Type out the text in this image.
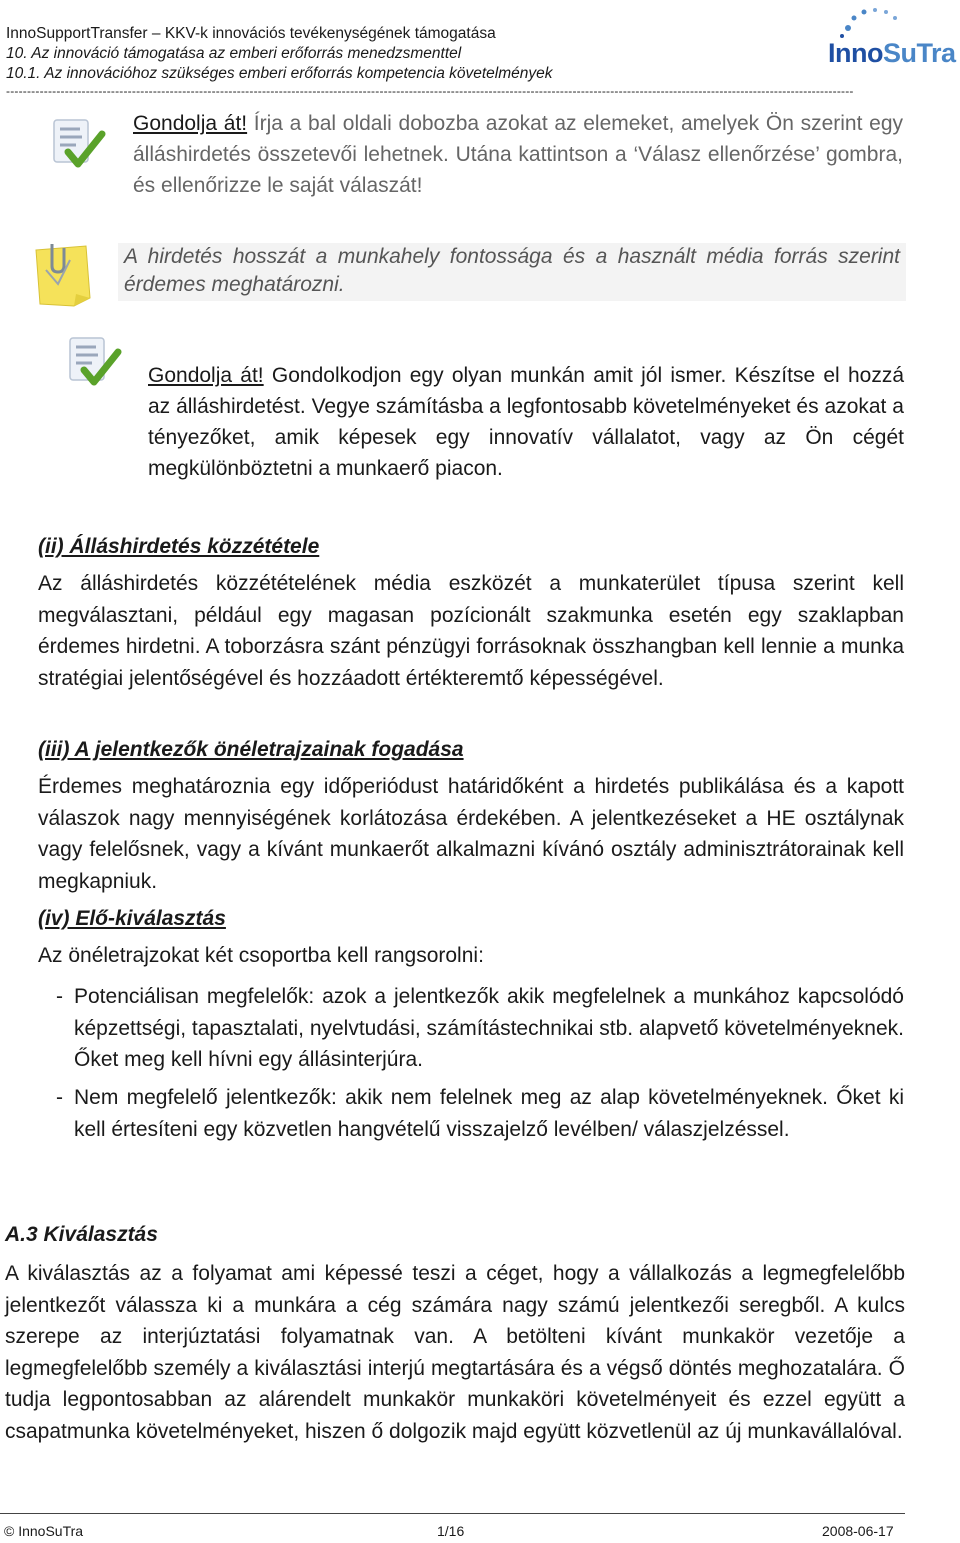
InnoSupportTransfer – KKV-k innovációs tevékenységének támogatása
10. Az innováció támogatása az emberi erőforrás menedzsmenttel
10.1. Az innovációhoz szükséges emberi erőforrás kompetencia követelmények
----------------------------------------------------------------------------------------------------------------------------------------------------------------------------------------------------------
InnoSuTra
Gondolja át! Írja a bal oldali dobozba azokat az elemeket, amelyek Ön szerint egy álláshirdetés összetevői lehetnek. Utána kattintson a ‘Válasz ellenőrzése’ gombra, és ellenőrizze le saját válaszát!
A hirdetés hosszát a munkahely fontossága és a használt média forrás szerint érdemes meghatározni.
Gondolja át! Gondolkodjon egy olyan munkán amit jól ismer. Készítse el hozzá az álláshirdetést. Vegye számításba a legfontosabb követelményeket és azokat a tényezőket, amik képesek egy innovatív vállalatot, vagy az Ön cégét megkülönböztetni a munkaerő piacon.
(ii) Álláshirdetés közzététele

Az álláshirdetés közzétételének média eszközét a munkaterület típusa szerint kell megválasztani, például egy magasan pozícionált szakmunka esetén egy szaklapban érdemes hirdetni. A toborzásra szánt pénzügyi forrásoknak összhangban kell lennie a munka stratégiai jelentőségével és hozzáadott értékteremtő képességével.

(iii) A jelentkezők önéletrajzainak fogadása

Érdemes meghatároznia egy időperiódust határidőként a hirdetés publikálása és a kapott válaszok nagy mennyiségének korlátozása érdekében. A jelentkezéseket a HE osztálynak vagy felelősnek, vagy a kívánt munkaerőt alkalmazni kívánó osztály adminisztrátorainak kell megkapniuk.

(iv) Elő-kiválasztás

Az önéletrajzokat két csoportba kell rangsorolni:

- Potenciálisan megfelelők: azok a jelentkezők akik megfelelnek a munkához kapcsolódó képzettségi, tapasztalati, nyelvtudási, számítástechnikai stb. alapvető követelményeknek. Őket meg kell hívni egy állásinterjúra.
- Nem megfelelő jelentkezők: akik nem felelnek meg az alap követelményeknek. Őket ki kell értesíteni egy közvetlen hangvételű visszajelző levélben/ válaszjelzéssel.
A.3 Kiválasztás

A kiválasztás az a folyamat ami képessé teszi a céget, hogy a vállalkozás a legmegfelelőbb jelentkezőt válassza ki a munkára a cég számára nagy számú jelentkezői seregből. A kulcs szerepe az interjúztatási folyamatnak van. A betölteni kívánt munkakör vezetője a legmegfelelőbb személy a kiválasztási interjú megtartására és a végső döntés meghozatalára. Ő tudja legpontosabban az alárendelt munkakör munkaköri követelményeit és ezzel együtt a csapatmunka követelményeket, hiszen ő dolgozik majd együtt közvetlenül az új munkavállalóval.

© InnoSuTra	1/16	2008-06-17
